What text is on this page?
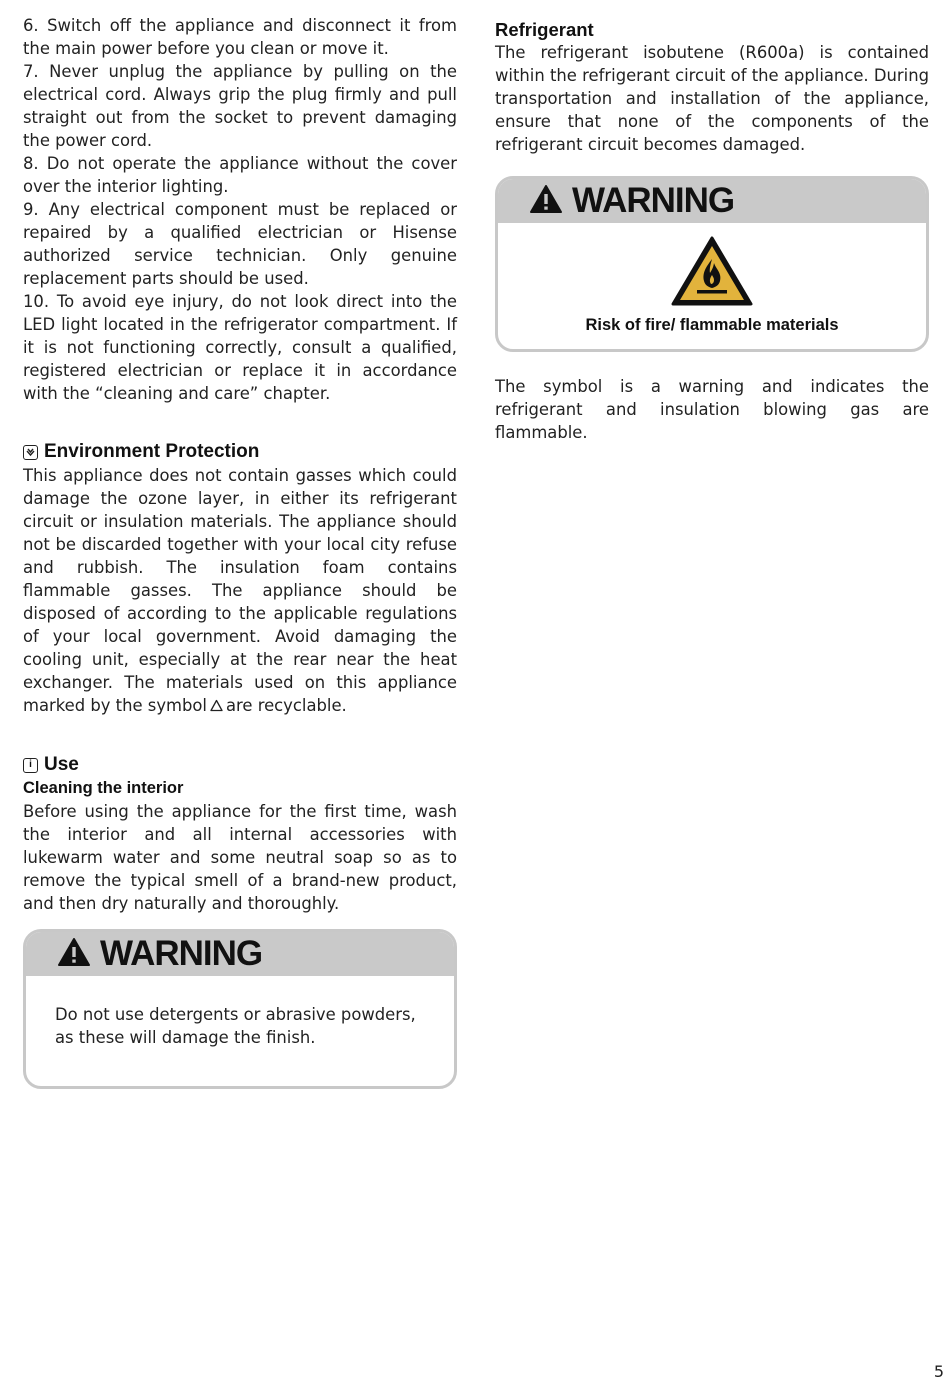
6. Switch off the appliance and disconnect it from the main power before you clean or move it.

7. Never unplug the appliance by pulling on the electrical cord. Always grip the plug firmly and pull straight out from the socket to prevent damaging the power cord.

8. Do not operate the appliance without the cover over the interior lighting.

9. Any electrical component must be replaced or repaired by a qualified electrician or Hisense authorized service technician. Only genuine replacement parts should be used.

10. To avoid eye injury, do not look direct into the LED light located in the refrigerator compartment. If it is not functioning correctly, consult a qualified, registered electrician or replace it in accordance with the “cleaning and care” chapter.

Environment Protection

This appliance does not contain gasses which could damage the ozone layer, in either its refrigerant circuit or insulation materials. The appliance should not be discarded together with your local city refuse and rubbish. The insulation foam contains flammable gasses. The appliance should be disposed of according to the applicable regulations of your local government. Avoid damaging the cooling unit, especially at the rear near the heat exchanger. The materials used on this appliance marked by the symbol are recyclable.

i Use
Cleaning the interior

Before using the appliance for the first time, wash the interior and all internal accessories with lukewarm water and some neutral soap so as to remove the typical smell of a brand-new product, and then dry naturally and thoroughly.

WARNING

Do not use detergents or abrasive powders, as these will damage the finish.

Refrigerant

The refrigerant isobutene (R600a) is contained within the refrigerant circuit of the appliance. During transportation and installation of the appliance, ensure that none of the components of the refrigerant circuit becomes damaged.

WARNING
Risk of fire/ flammable materials

The symbol is a warning and indicates the refrigerant and insulation blowing gas are flammable.

5
